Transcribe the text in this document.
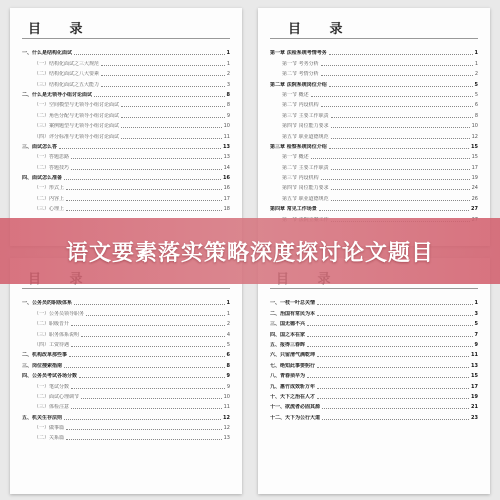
目 录
一、什么是结构化面试	1
（一）结构化面试之三大规范	1
（二）结构化面试之八大要素	2
（三）结构化面试之五大能力	3
二、什么是无领导小组讨论面试	8
（一）空间模型与无领导小组讨论面试	8
（二）角色分配与无领导小组讨论面试	9
（三）案例题型与无领导小组讨论面试	10
（四）评分标准与无领导小组讨论面试	11
三、面试怎么答	13
（一）答题思路	13
（二）答题技巧	14
四、面试怎么准备	16
（一）形式上	16
（二）内容上	17
（三）心理上	18
目 录
第一章 法检系统考情考务	1
第一节 考务分析	1
第二节 考情分析	2
第二章 法院系统岗位介绍	5
第一节 概述	5
第二节 内设机构	6
第三节 主要工作职责	8
第四节 岗位能力要求	10
第五节 职业道德规范	12
第三章 检察系统岗位介绍	15
第一节 概述	15
第二节 主要工作职责	17
第三节 内设机构	19
第四节 岗位能力要求	24
第五节 职业道德规范	26
第四章 常见工作场景	27
一、公务员的职级体系	1
（一）公务员领导职务	1
（二）职级晋升	2
（三）职务体系说明	4
（四）工资待遇	5
二、机构改革那些事	6
三、岗位搜索指南	8
四、公务员考试各场分数	9
（一）笔试分数	9
（二）面试心理调节	10
（三）体检注意	11
五、机关生存法则	12
（一）做事篇	12
（二）关系篇	13
一、一枝一叶总关情	1
二、治国有常民为本	3
三、国无德不兴	5
四、国之本在家	7
五、报得三春晖	9
六、只留清气满乾坤	11
七、绝知此事要躬行	13
八、青春须早为	15
九、惠竹成效斩万年	17
十、天下之治在人才	19
十一、欲流者必固其源	21
十二、天下为公行大道	23
语文要素落实策略深度探讨论文题目
